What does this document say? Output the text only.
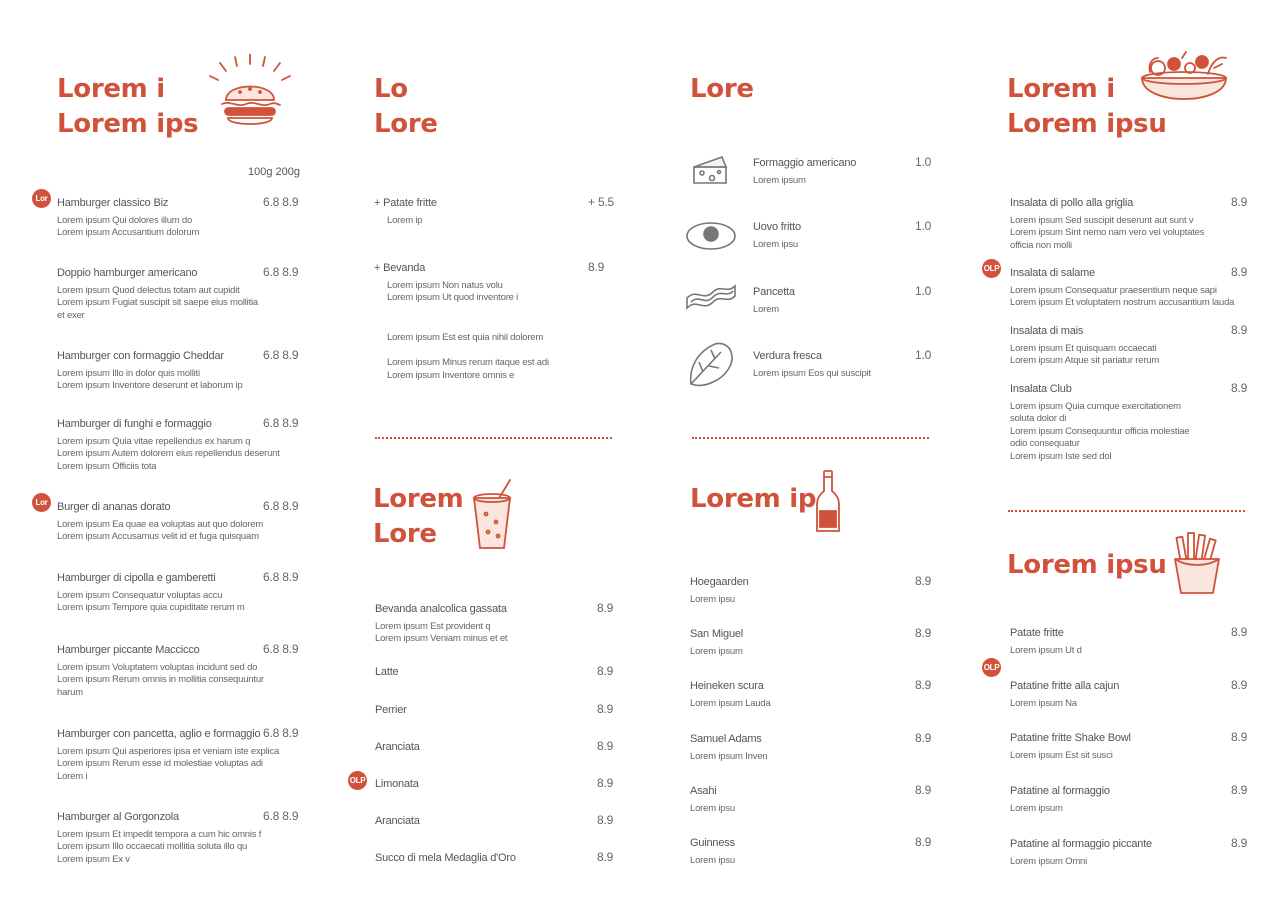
Lorem i
Lorem ips
100g 200g
Hamburger classico Biz	6.8 8.9
Lorem ipsum Qui dolores illum do
Lorem ipsum Accusantium dolorum
Lor
Doppio hamburger americano	6.8 8.9
Lorem ipsum Quod delectus totam aut cupidit
Lorem ipsum Fugiat suscipit sit saepe eius mollitia
et exer
Hamburger con formaggio Cheddar	6.8 8.9
Lorem ipsum Illo in dolor quis molliti
Lorem ipsum Inventore deserunt et laborum ip
Hamburger di funghi e formaggio	6.8 8.9
Lorem ipsum Quia vitae repellendus ex harum q
Lorem ipsum Autem dolorem eius repellendus deserunt
Lorem ipsum Officiis tota
Burger di ananas dorato	6.8 8.9
Lorem ipsum Ea quae ea voluptas aut quo dolorem
Lorem ipsum Accusamus velit id et fuga quisquam
Lor
Hamburger di cipolla e gamberetti	6.8 8.9
Lorem ipsum Consequatur voluptas accu
Lorem ipsum Tempore quia cupiditate rerum m
Hamburger piccante Maccicco	6.8 8.9
Lorem ipsum Voluptatem voluptas incidunt sed do
Lorem ipsum Rerum omnis in mollitia consequuntur
harum
Hamburger con pancetta, aglio e formaggio 6.8 8.9
Lorem ipsum Qui asperiores ipsa et veniam iste explica
Lorem ipsum Rerum esse id molestiae voluptas adi
Lorem i
Hamburger al Gorgonzola	6.8 8.9
Lorem ipsum Et impedit tempora a cum hic omnis f
Lorem ipsum Illo occaecati mollitia soluta illo qu
Lorem ipsum Ex v
Lo
Lore
+ Patate fritte	+ 5.5
Lorem ip
+ Bevanda	8.9
Lorem ipsum Non natus volu
Lorem ipsum Ut quod inventore i
Lorem ipsum Est est quia nihil dolorem
Lorem ipsum Minus rerum itaque est adi
Lorem ipsum Inventore omnis e
Lorem
Lore
Bevanda analcolica gassata	8.9
Lorem ipsum Est provident q
Lorem ipsum Veniam minus et et
Latte	8.9
Perrier	8.9
Aranciata	8.9
Limonata	8.9
OLP
Aranciata	8.9
Succo di mela Medaglia d'Oro	8.9
Lore
Formaggio americano	1.0
Lorem ipsum
Uovo fritto	1.0
Lorem ipsu
Pancetta	1.0
Lorem
Verdura fresca	1.0
Lorem ipsum Eos qui suscipit
Lorem ip
Hoegaarden	8.9
Lorem ipsu
San Miguel	8.9
Lorem ipsum
Heineken scura	8.9
Lorem ipsum Lauda
Samuel Adams	8.9
Lorem ipsum Inven
Asahi	8.9
Lorem ipsu
Guinness	8.9
Lorem ipsu
Lorem i
Lorem ipsu
Insalata di pollo alla griglia	8.9
Lorem ipsum Sed suscipit deserunt aut sunt v
Lorem ipsum Sint nemo nam vero vel voluptates
officia non molli
Insalata di salame	8.9
Lorem ipsum Consequatur praesentium neque sapi
Lorem ipsum Et voluptatem nostrum accusantium lauda
OLP
Insalata di mais	8.9
Lorem ipsum Et quisquam occaecati
Lorem ipsum Atque sit pariatur rerum
Insalata Club	8.9
Lorem ipsum Quia cumque exercitationem
soluta dolor di
Lorem ipsum Consequuntur officia molestiae
odio consequatur
Lorem ipsum Iste sed dol
Lorem ipsu
OLP
Patate fritte	8.9
Lorem ipsum Ut d
Patatine fritte alla cajun	8.9
Lorem ipsum Na
Patatine fritte Shake Bowl	8.9
Lorem ipsum Est sit susci
Patatine al formaggio	8.9
Lorem ipsum
Patatine al formaggio piccante	8.9
Lorem ipsum Omni
